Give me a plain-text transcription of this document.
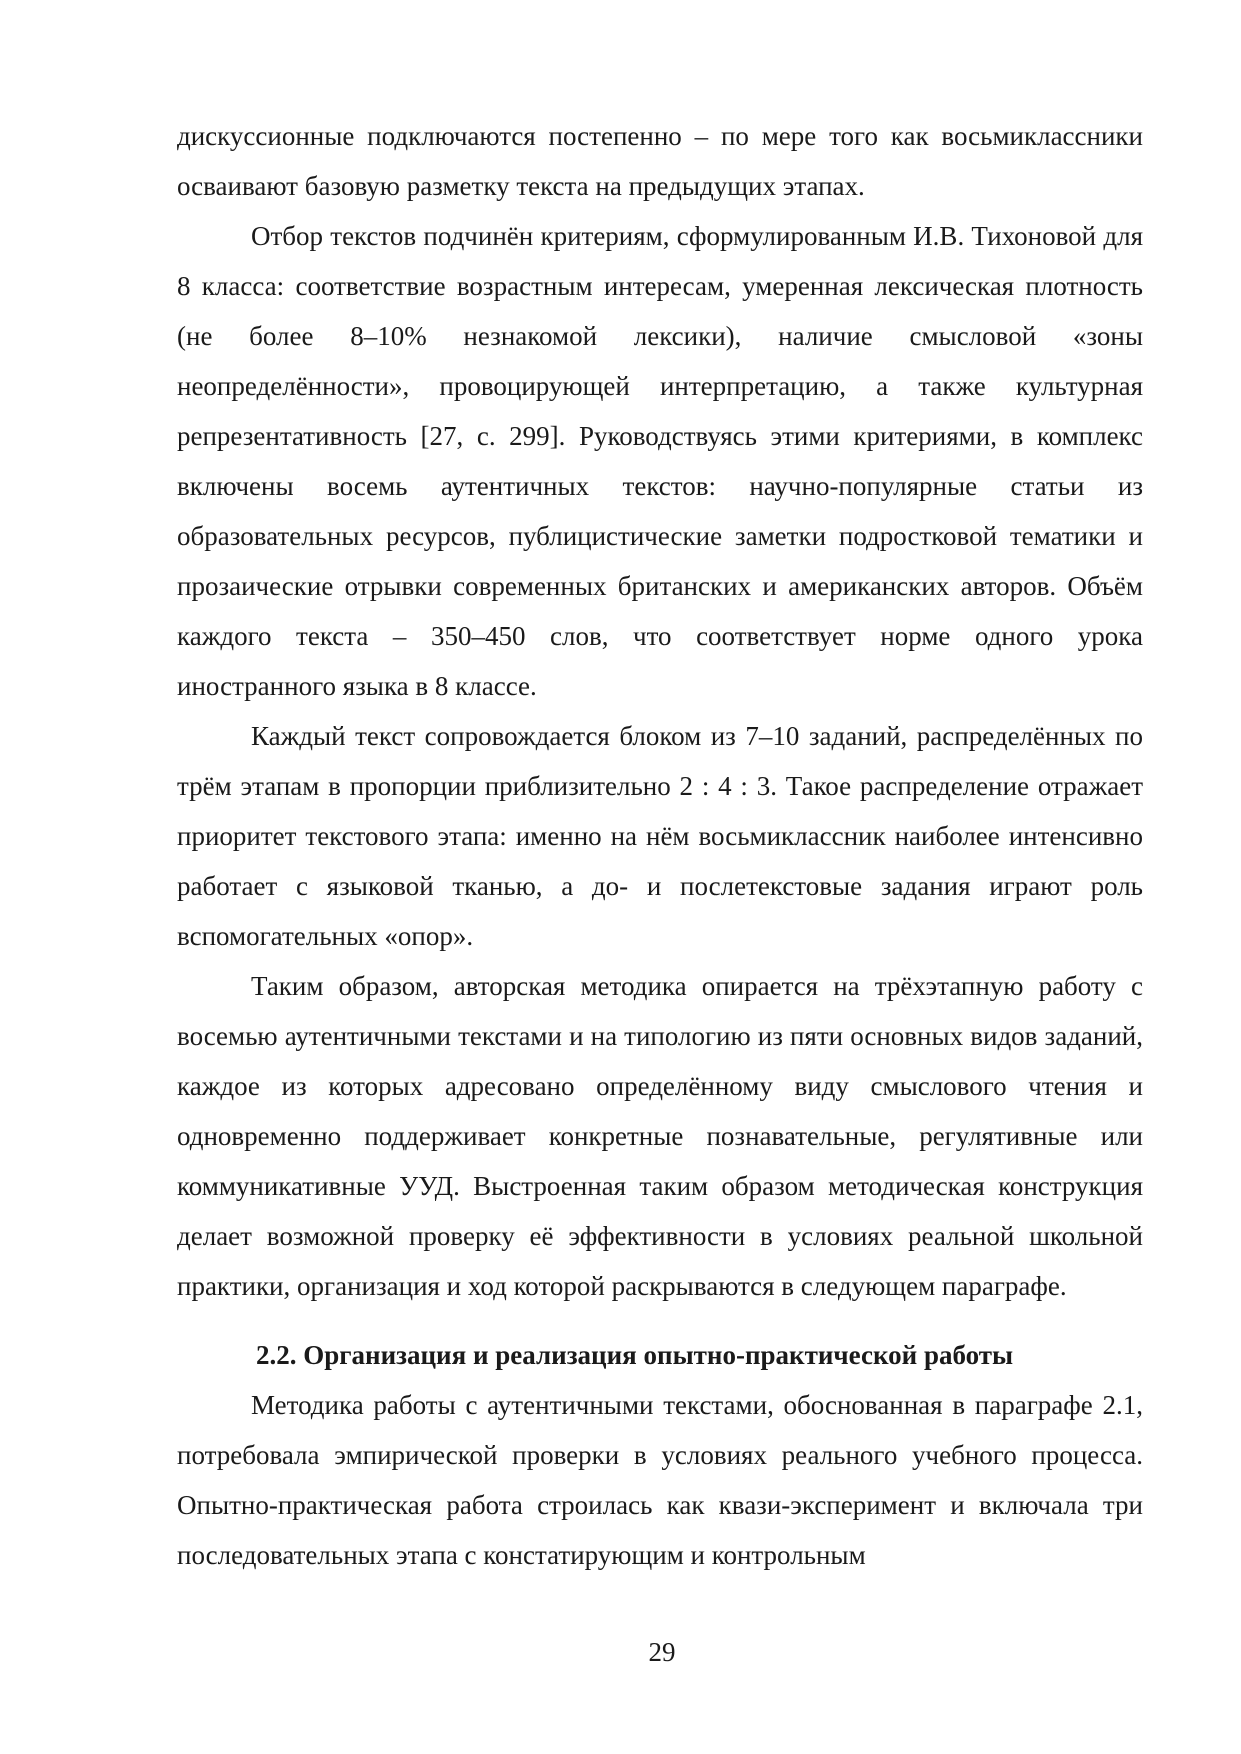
дискуссионные подключаются постепенно – по мере того как восьмиклассники осваивают базовую разметку текста на предыдущих этапах.

Отбор текстов подчинён критериям, сформулированным И.В. Тихоновой для 8 класса: соответствие возрастным интересам, умеренная лексическая плотность (не более 8–10% незнакомой лексики), наличие смысловой «зоны неопределённости», провоцирующей интерпретацию, а также культурная репрезентативность [27, с. 299]. Руководствуясь этими критериями, в комплекс включены восемь аутентичных текстов: научно-популярные статьи из образовательных ресурсов, публицистические заметки подростковой тематики и прозаические отрывки современных британских и американских авторов. Объём каждого текста – 350–450 слов, что соответствует норме одного урока иностранного языка в 8 классе.

Каждый текст сопровождается блоком из 7–10 заданий, распределённых по трём этапам в пропорции приблизительно 2 : 4 : 3. Такое распределение отражает приоритет текстового этапа: именно на нём восьмиклассник наиболее интенсивно работает с языковой тканью, а до- и послетекстовые задания играют роль вспомогательных «опор».

Таким образом, авторская методика опирается на трёхэтапную работу с восемью аутентичными текстами и на типологию из пяти основных видов заданий, каждое из которых адресовано определённому виду смыслового чтения и одновременно поддерживает конкретные познавательные, регулятивные или коммуникативные УУД. Выстроенная таким образом методическая конструкция делает возможной проверку её эффективности в условиях реальной школьной практики, организация и ход которой раскрываются в следующем параграфе.

2.2. Организация и реализация опытно-практической работы

Методика работы с аутентичными текстами, обоснованная в параграфе 2.1, потребовала эмпирической проверки в условиях реального учебного процесса. Опытно-практическая работа строилась как квази-эксперимент и включала три последовательных этапа с констатирующим и контрольным

29
